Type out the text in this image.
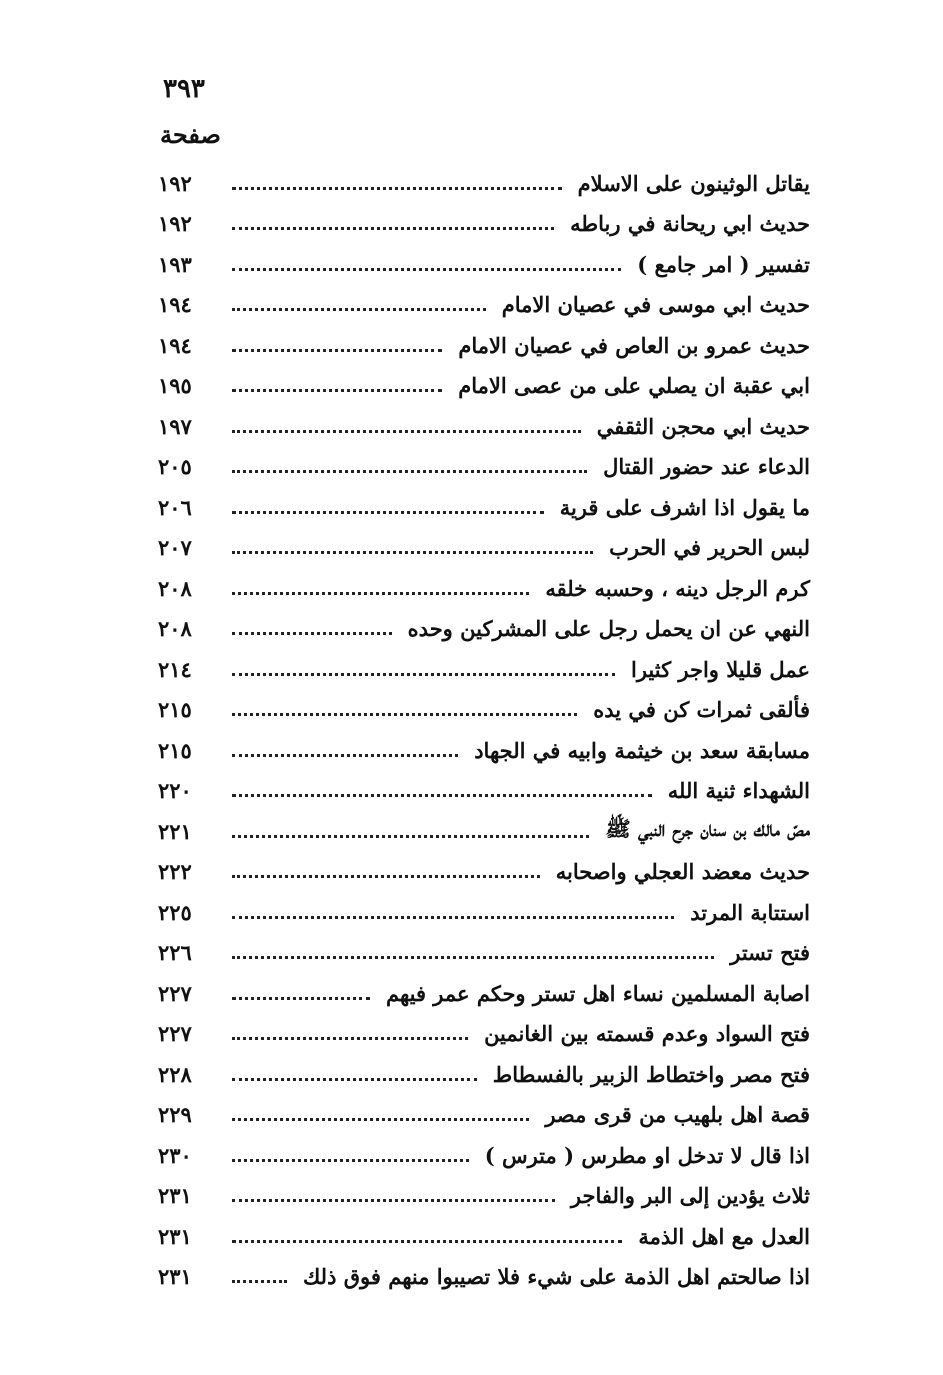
٣٩٣
صفحة
يقاتل الوثينون على الاسلام
١٩٢
حديث ابي ريحانة في رباطه
١٩٢
تفسير ( امر جامع )
١٩٣
حديث ابي موسى في عصيان الامام
١٩٤
حديث عمرو بن العاص في عصيان الامام
١٩٤
ابي عقبة ان يصلي على من عصى الامام
١٩٥
حديث ابي محجن الثقفي
١٩٧
الدعاء عند حضور القتال
٢٠٥
ما يقول اذا اشرف على قرية
٢٠٦
لبس الحرير في الحرب
٢٠٧
كرم الرجل دينه ، وحسبه خلقه
٢٠٨
النهي عن ان يحمل رجل على المشركين وحده
٢٠٨
عمل قليلا واجر كثيرا
٢١٤
فألقى ثمرات كن في يده
٢١٥
مسابقة سعد بن خيثمة وابيه في الجهاد
٢١٥
الشهداء ثنية الله
٢٢٠
مصّ مالك بن سنان جرح النبي ﷺ
٢٢١
حديث معضد العجلي واصحابه
٢٢٢
استتابة المرتد
٢٢٥
فتح تستر
٢٢٦
اصابة المسلمين نساء اهل تستر وحكم عمر فيهم
٢٢٧
فتح السواد وعدم قسمته بين الغانمين
٢٢٧
فتح مصر واختطاط الزبير بالفسطاط
٢٢٨
قصة اهل بلهيب من قرى مصر
٢٢٩
اذا قال لا تدخل او مطرس ( مترس )
٢٣٠
ثلاث يؤدين إلى البر والفاجر
٢٣١
العدل مع اهل الذمة
٢٣١
اذا صالحتم اهل الذمة على شيء فلا تصيبوا منهم فوق ذلك
٢٣١
